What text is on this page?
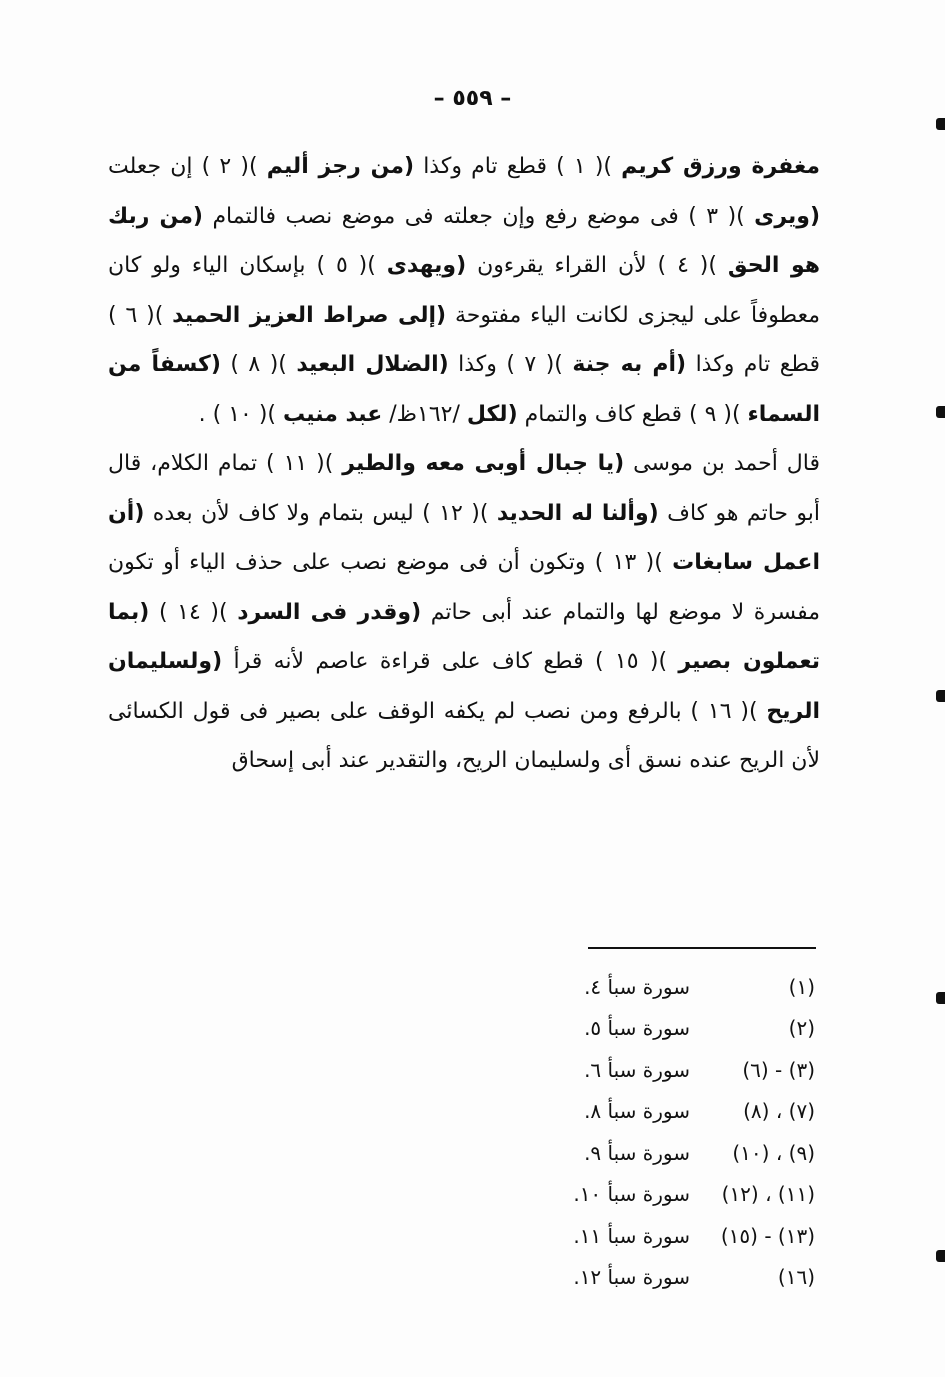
– ٥٥٩ –

مغفرة ورزق كريم )( ١ ) قطع تام وكذا (من رجز أليم )( ٢ ) إن جعلت (ويرى )( ٣ ) فى موضع رفع وإن جعلته فى موضع نصب فالتمام (من ربك هو الحق )( ٤ ) لأن القراء يقرءون (ويهدى )( ٥ ) بإسكان الياء ولو كان معطوفاً على ليجزى لكانت الياء مفتوحة (إلى صراط العزيز الحميد )( ٦ ) قطع تام وكذا (أم به جنة )( ٧ ) وكذا (الضلال البعيد )( ٨ ) (كسفاً من السماء )( ٩ ) قطع كاف والتمام (لكل /١٦٢ظ/ عبد منيب )( ١٠ ) .

قال أحمد بن موسى (يا جبال أوبى معه والطير )( ١١ ) تمام الكلام، قال أبو حاتم هو كاف (وألنا له الحديد )( ١٢ ) ليس بتمام ولا كاف لأن بعده (أن اعمل سابغات )( ١٣ ) وتكون أن فى موضع نصب على حذف الياء أو تكون مفسرة لا موضع لها والتمام عند أبى حاتم (وقدر فى السرد )( ١٤ ) (بما تعملون بصير )( ١٥ ) قطع كاف على قراءة عاصم لأنه قرأ (ولسليمان الريح )( ١٦ ) بالرفع ومن نصب لم يكفه الوقف على بصير فى قول الكسائى لأن الريح عنده نسق أى ولسليمان الريح، والتقدير عند أبى إسحاق

(١)
سورة سبأ ٤.
(٢)
سورة سبأ ٥.
(٣) - (٦)
سورة سبأ ٦.
(٧) ، (٨)
سورة سبأ ٨.
(٩) ، (١٠)
سورة سبأ ٩.
(١١) ، (١٢)
سورة سبأ ١٠.
(١٣) - (١٥)
سورة سبأ ١١.
(١٦)
سورة سبأ ١٢.
